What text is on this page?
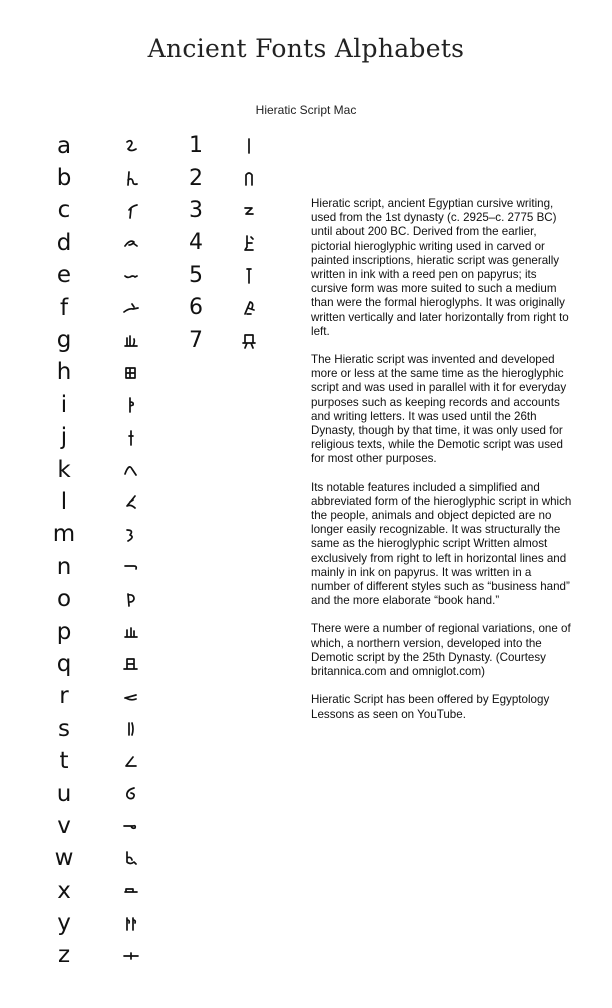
Ancient Fonts Alphabets
Hieratic Script Mac
a
b
c
d
e
f
g
h
i
j
k
l
m
n
o
p
q
r
s
t
u
v
w
x
y
z
1
2
3
4
5
6
7

Hieratic script, ancient Egyptian cursive writing, used from the 1st dynasty (c. 2925–c. 2775 BC) until about 200 BC. Derived from the earlier, pictorial hieroglyphic writing used in carved or painted inscriptions, hieratic script was generally written in ink with a reed pen on papyrus; its cursive form was more suited to such a medium than were the formal hieroglyphs. It was originally written vertically and later horizontally from right to left.

The Hieratic script was invented and developed more or less at the same time as the hieroglyphic script and was used in parallel with it for everyday purposes such as keeping records and accounts and writing letters. It was used until the 26th Dynasty, though by that time, it was only used for religious texts, while the Demotic script was used for most other purposes.

Its notable features included a simplified and abbreviated form of the hieroglyphic script in which the people, animals and object depicted are no longer easily recognizable. It was structurally the same as the hieroglyphic script Written almost exclusively from right to left in horizontal lines and mainly in ink on papyrus. It was written in a number of different styles such as “business hand” and the more elaborate “book hand.”

There were a number of regional variations, one of which, a northern version, developed into the Demotic script by the 25th Dynasty. (Courtesy britannica.com and omniglot.com)

Hieratic Script has been offered by Egyptology Lessons as seen on YouTube.
